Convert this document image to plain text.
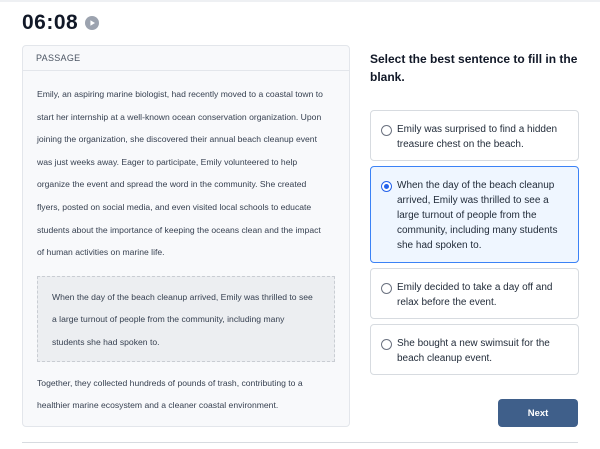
06:08
PASSAGE
Emily, an aspiring marine biologist, had recently moved to a coastal town to
start her internship at a well-known ocean conservation organization. Upon
joining the organization, she discovered their annual beach cleanup event
was just weeks away. Eager to participate, Emily volunteered to help
organize the event and spread the word in the community. She created
flyers, posted on social media, and even visited local schools to educate
students about the importance of keeping the oceans clean and the impact
of human activities on marine life.
When the day of the beach cleanup arrived, Emily was thrilled to see
a large turnout of people from the community, including many
students she had spoken to.
Together, they collected hundreds of pounds of trash, contributing to a
healthier marine ecosystem and a cleaner coastal environment.
Select the best sentence to fill in the blank.
Emily was surprised to find a hidden
treasure chest on the beach.
When the day of the beach cleanup
arrived, Emily was thrilled to see a
large turnout of people from the
community, including many students
she had spoken to.
Emily decided to take a day off and
relax before the event.
She bought a new swimsuit for the
beach cleanup event.
Next
